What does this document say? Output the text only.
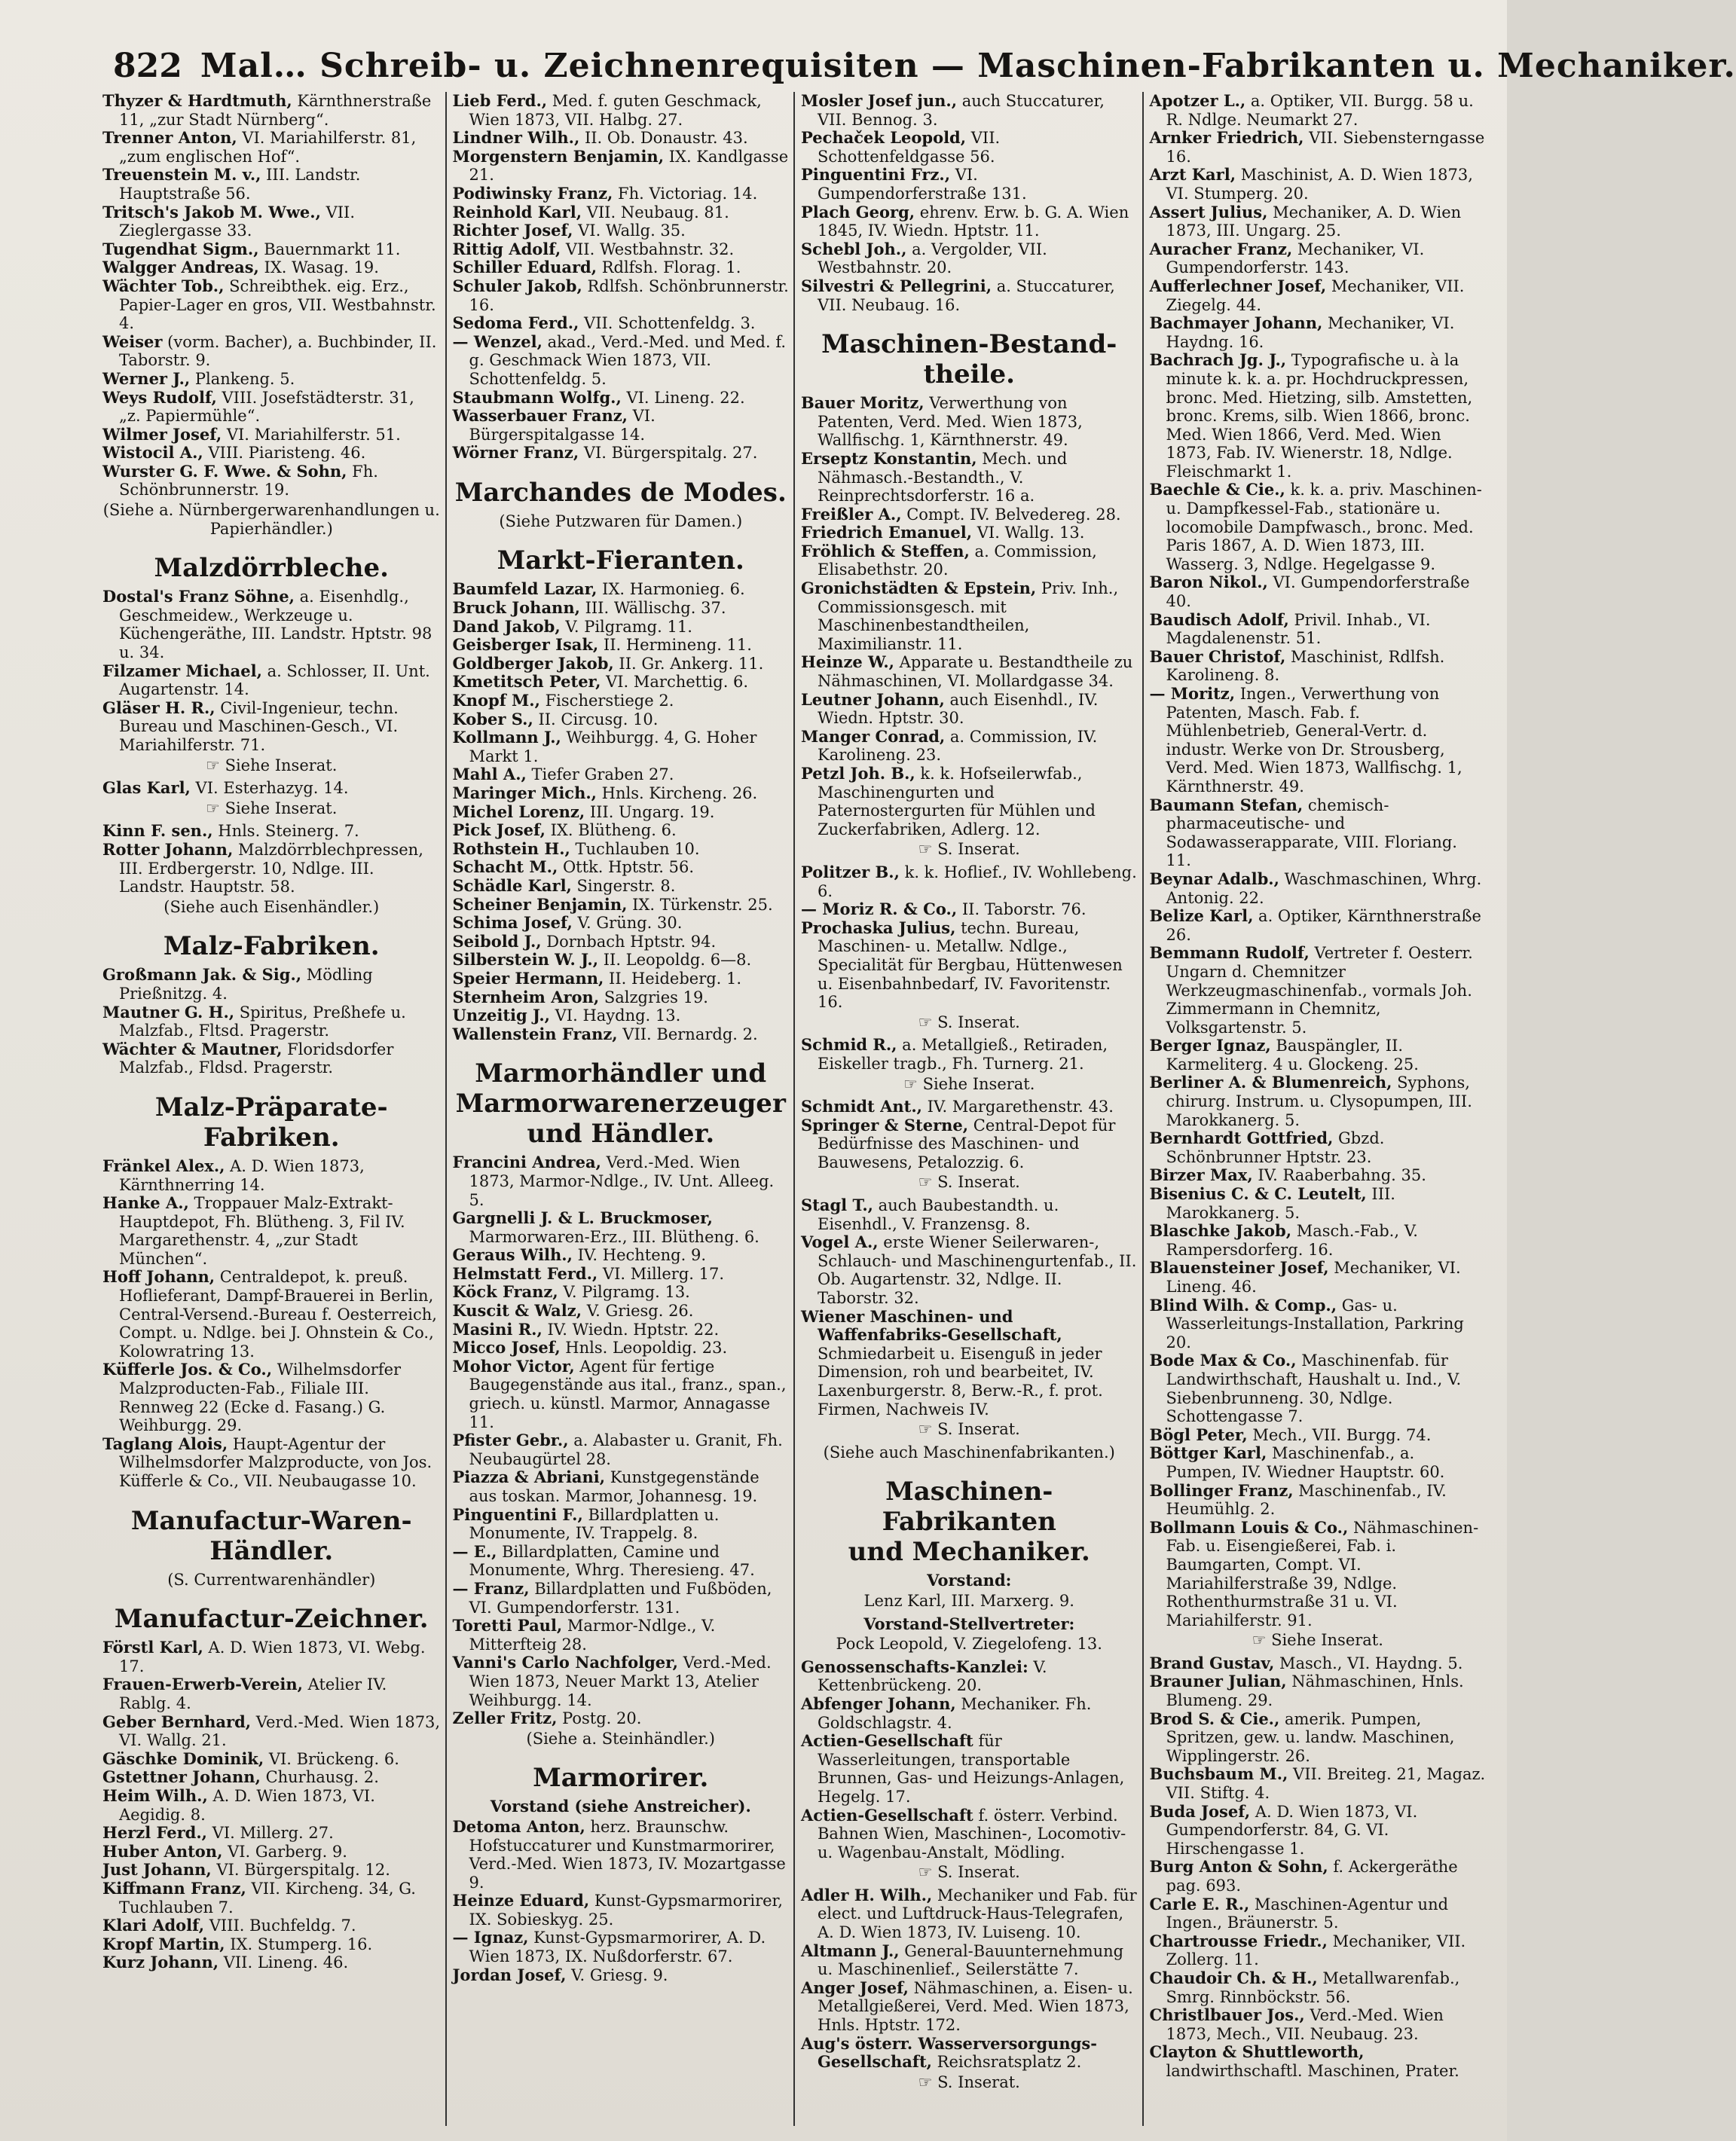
822 Mal… Schreib- u. Zeichnenrequisiten — Maschinen-Fabrikanten u. Mechaniker.

Thyzer & Hardtmuth, Kärnthnerstraße 11, „zur Stadt Nürnberg“.

Trenner Anton, VI. Mariahilferstr. 81, „zum englischen Hof“.

Treuenstein M. v., III. Landstr. Hauptstraße 56.

Tritsch's Jakob M. Wwe., VII. Zieglergasse 33.

Tugendhat Sigm., Bauernmarkt 11.

Walgger Andreas, IX. Wasag. 19.

Wächter Tob., Schreibthek. eig. Erz., Papier-Lager en gros, VII. Westbahnstr. 4.

Weiser (vorm. Bacher), a. Buchbinder, II. Taborstr. 9.

Werner J., Plankeng. 5.

Weys Rudolf, VIII. Josefstädterstr. 31, „z. Papiermühle“.

Wilmer Josef, VI. Mariahilferstr. 51.

Wistocil A., VIII. Piaristeng. 46.

Wurster G. F. Wwe. & Sohn, Fh. Schönbrunnerstr. 19.

(Siehe a. Nürnbergerwarenhandlungen u. Papierhändler.)
Malzdörrbleche.

Dostal's Franz Söhne, a. Eisenhdlg., Geschmeidew., Werkzeuge u. Küchengeräthe, III. Landstr. Hptstr. 98 u. 34.

Filzamer Michael, a. Schlosser, II. Unt. Augartenstr. 14.

Gläser H. R., Civil-Ingenieur, techn. Bureau und Maschinen-Gesch., VI. Mariahilferstr. 71.

☞ Siehe Inserat.

Glas Karl, VI. Esterhazyg. 14.

☞ Siehe Inserat.

Kinn F. sen., Hnls. Steinerg. 7.

Rotter Johann, Malzdörrblechpressen, III. Erdbergerstr. 10, Ndlge. III. Landstr. Hauptstr. 58.

(Siehe auch Eisenhändler.)
Malz-Fabriken.

Großmann Jak. & Sig., Mödling Prießnitzg. 4.

Mautner G. H., Spiritus, Preßhefe u. Malzfab., Fltsd. Pragerstr.

Wächter & Mautner, Floridsdorfer Malzfab., Fldsd. Pragerstr.

Malz-Präparate-
Fabriken.

Fränkel Alex., A. D. Wien 1873, Kärnthnerring 14.

Hanke A., Troppauer Malz-Extrakt-Hauptdepot, Fh. Blütheng. 3, Fil IV. Margarethenstr. 4, „zur Stadt München“.

Hoff Johann, Centraldepot, k. preuß. Hoflieferant, Dampf-Brauerei in Berlin, Central-Versend.-Bureau f. Oesterreich, Compt. u. Ndlge. bei J. Ohnstein & Co., Kolowratring 13.

Küfferle Jos. & Co., Wilhelmsdorfer Malzproducten-Fab., Filiale III. Rennweg 22 (Ecke d. Fasang.) G. Weihburgg. 29.

Taglang Alois, Haupt-Agentur der Wilhelmsdorfer Malzproducte, von Jos. Küfferle & Co., VII. Neubaugasse 10.

Manufactur-Waren-
Händler.
(S. Currentwarenhändler)
Manufactur-Zeichner.

Förstl Karl, A. D. Wien 1873, VI. Webg. 17.

Frauen-Erwerb-Verein, Atelier IV. Rablg. 4.

Geber Bernhard, Verd.-Med. Wien 1873, VI. Wallg. 21.

Gäschke Dominik, VI. Brückeng. 6.

Gstettner Johann, Churhausg. 2.

Heim Wilh., A. D. Wien 1873, VI. Aegidig. 8.

Herzl Ferd., VI. Millerg. 27.

Huber Anton, VI. Garberg. 9.

Just Johann, VI. Bürgerspitalg. 12.

Kiffmann Franz, VII. Kircheng. 34, G. Tuchlauben 7.

Klari Adolf, VIII. Buchfeldg. 7.

Kropf Martin, IX. Stumperg. 16.

Kurz Johann, VII. Lineng. 46.

Lieb Ferd., Med. f. guten Geschmack, Wien 1873, VII. Halbg. 27.

Lindner Wilh., II. Ob. Donaustr. 43.

Morgenstern Benjamin, IX. Kandlgasse 21.

Podiwinsky Franz, Fh. Victoriag. 14.

Reinhold Karl, VII. Neubaug. 81.

Richter Josef, VI. Wallg. 35.

Rittig Adolf, VII. Westbahnstr. 32.

Schiller Eduard, Rdlfsh. Florag. 1.

Schuler Jakob, Rdlfsh. Schönbrunnerstr. 16.

Sedoma Ferd., VII. Schottenfeldg. 3.

— Wenzel, akad., Verd.-Med. und Med. f. g. Geschmack Wien 1873, VII. Schottenfeldg. 5.

Staubmann Wolfg., VI. Lineng. 22.

Wasserbauer Franz, VI. Bürgerspitalgasse 14.

Wörner Franz, VI. Bürgerspitalg. 27.

Marchandes de Modes.
(Siehe Putzwaren für Damen.)
Markt-Fieranten.

Baumfeld Lazar, IX. Harmonieg. 6.

Bruck Johann, III. Wällischg. 37.

Dand Jakob, V. Pilgramg. 11.

Geisberger Isak, II. Hermineng. 11.

Goldberger Jakob, II. Gr. Ankerg. 11.

Kmetitsch Peter, VI. Marchettig. 6.

Knopf M., Fischerstiege 2.

Kober S., II. Circusg. 10.

Kollmann J., Weihburgg. 4, G. Hoher Markt 1.

Mahl A., Tiefer Graben 27.

Maringer Mich., Hnls. Kircheng. 26.

Michel Lorenz, III. Ungarg. 19.

Pick Josef, IX. Blütheng. 6.

Rothstein H., Tuchlauben 10.

Schacht M., Ottk. Hptstr. 56.

Schädle Karl, Singerstr. 8.

Scheiner Benjamin, IX. Türkenstr. 25.

Schima Josef, V. Grüng. 30.

Seibold J., Dornbach Hptstr. 94.

Silberstein W. J., II. Leopoldg. 6—8.

Speier Hermann, II. Heideberg. 1.

Sternheim Aron, Salzgries 19.

Unzeitig J., VI. Haydng. 13.

Wallenstein Franz, VII. Bernardg. 2.

Marmorhändler und
Marmorwarenerzeuger und Händler.

Francini Andrea, Verd.-Med. Wien 1873, Marmor-Ndlge., IV. Unt. Alleeg. 5.

Gargnelli J. & L. Bruckmoser, Marmorwaren-Erz., III. Blütheng. 6.

Geraus Wilh., IV. Hechteng. 9.

Helmstatt Ferd., VI. Millerg. 17.

Köck Franz, V. Pilgramg. 13.

Kuscit & Walz, V. Griesg. 26.

Masini R., IV. Wiedn. Hptstr. 22.

Micco Josef, Hnls. Leopoldig. 23.

Mohor Victor, Agent für fertige Baugegenstände aus ital., franz., span., griech. u. künstl. Marmor, Annagasse 11.

Pfister Gebr., a. Alabaster u. Granit, Fh. Neubaugürtel 28.

Piazza & Abriani, Kunstgegenstände aus toskan. Marmor, Johannesg. 19.

Pinguentini F., Billardplatten u. Monumente, IV. Trappelg. 8.

— E., Billardplatten, Camine und Monumente, Whrg. Theresieng. 47.

— Franz, Billardplatten und Fußböden, VI. Gumpendorferstr. 131.

Toretti Paul, Marmor-Ndlge., V. Mitterfteig 28.

Vanni's Carlo Nachfolger, Verd.-Med. Wien 1873, Neuer Markt 13, Atelier Weihburgg. 14.

Zeller Fritz, Postg. 20.

(Siehe a. Steinhändler.)
Marmorirer.
Vorstand (siehe Anstreicher).

Detoma Anton, herz. Braunschw. Hofstuccaturer und Kunstmarmorirer, Verd.-Med. Wien 1873, IV. Mozartgasse 9.

Heinze Eduard, Kunst-Gypsmarmorirer, IX. Sobieskyg. 25.

— Ignaz, Kunst-Gypsmarmorirer, A. D. Wien 1873, IX. Nußdorferstr. 67.

Jordan Josef, V. Griesg. 9.

Mosler Josef jun., auch Stuccaturer, VII. Bennog. 3.

Pechaček Leopold, VII. Schottenfeldgasse 56.

Pinguentini Frz., VI. Gumpendorferstraße 131.

Plach Georg, ehrenv. Erw. b. G. A. Wien 1845, IV. Wiedn. Hptstr. 11.

Schebl Joh., a. Vergolder, VII. Westbahnstr. 20.

Silvestri & Pellegrini, a. Stuccaturer, VII. Neubaug. 16.

Maschinen-Bestand-
theile.

Bauer Moritz, Verwerthung von Patenten, Verd. Med. Wien 1873, Wallfischg. 1, Kärnthnerstr. 49.

Erseptz Konstantin, Mech. und Nähmasch.-Bestandth., V. Reinprechtsdorferstr. 16 a.

Freißler A., Compt. IV. Belvedereg. 28.

Friedrich Emanuel, VI. Wallg. 13.

Fröhlich & Steffen, a. Commission, Elisabethstr. 20.

Gronichstädten & Epstein, Priv. Inh., Commissionsgesch. mit Maschinenbestandtheilen, Maximilianstr. 11.

Heinze W., Apparate u. Bestandtheile zu Nähmaschinen, VI. Mollardgasse 34.

Leutner Johann, auch Eisenhdl., IV. Wiedn. Hptstr. 30.

Manger Conrad, a. Commission, IV. Karolineng. 23.

Petzl Joh. B., k. k. Hofseilerwfab., Maschinengurten und Paternostergurten für Mühlen und Zuckerfabriken, Adlerg. 12.

☞ S. Inserat.

Politzer B., k. k. Hoflief., IV. Wohllebeng. 6.

— Moriz R. & Co., II. Taborstr. 76.

Prochaska Julius, techn. Bureau, Maschinen- u. Metallw. Ndlge., Specialität für Bergbau, Hüttenwesen u. Eisenbahnbedarf, IV. Favoritenstr. 16.

☞ S. Inserat.

Schmid R., a. Metallgieß., Retiraden, Eiskeller tragb., Fh. Turnerg. 21.

☞ Siehe Inserat.

Schmidt Ant., IV. Margarethenstr. 43.

Springer & Sterne, Central-Depot für Bedürfnisse des Maschinen- und Bauwesens, Petalozzig. 6.

☞ S. Inserat.

Stagl T., auch Baubestandth. u. Eisenhdl., V. Franzensg. 8.

Vogel A., erste Wiener Seilerwaren-, Schlauch- und Maschinengurtenfab., II. Ob. Augartenstr. 32, Ndlge. II. Taborstr. 32.

Wiener Maschinen- und Waffenfabriks-Gesellschaft, Schmiedarbeit u. Eisenguß in jeder Dimension, roh und bearbeitet, IV. Laxenburgerstr. 8, Berw.-R., f. prot. Firmen, Nachweis IV.

☞ S. Inserat.
(Siehe auch Maschinenfabrikanten.)
Maschinen-Fabrikanten
und Mechaniker.
Vorstand:
Lenz Karl, III. Marxerg. 9.
Vorstand-Stellvertreter:
Pock Leopold, V. Ziegelofeng. 13.

Genossenschafts-Kanzlei: V. Kettenbrückeng. 20.

Abfenger Johann, Mechaniker. Fh. Goldschlagstr. 4.

Actien-Gesellschaft für Wasserleitungen, transportable Brunnen, Gas- und Heizungs-Anlagen, Hegelg. 17.

Actien-Gesellschaft f. österr. Verbind. Bahnen Wien, Maschinen-, Locomotiv- u. Wagenbau-Anstalt, Mödling.

☞ S. Inserat.

Adler H. Wilh., Mechaniker und Fab. für elect. und Luftdruck-Haus-Telegrafen, A. D. Wien 1873, IV. Luiseng. 10.

Altmann J., General-Bauunternehmung u. Maschinenlief., Seilerstätte 7.

Anger Josef, Nähmaschinen, a. Eisen- u. Metallgießerei, Verd. Med. Wien 1873, Hnls. Hptstr. 172.

Aug's österr. Wasserversorgungs-Gesellschaft, Reichsratsplatz 2.

☞ S. Inserat.

Apotzer L., a. Optiker, VII. Burgg. 58 u. R. Ndlge. Neumarkt 27.

Arnker Friedrich, VII. Siebensterngasse 16.

Arzt Karl, Maschinist, A. D. Wien 1873, VI. Stumperg. 20.

Assert Julius, Mechaniker, A. D. Wien 1873, III. Ungarg. 25.

Auracher Franz, Mechaniker, VI. Gumpendorferstr. 143.

Aufferlechner Josef, Mechaniker, VII. Ziegelg. 44.

Bachmayer Johann, Mechaniker, VI. Haydng. 16.

Bachrach Jg. J., Typografische u. à la minute k. k. a. pr. Hochdruckpressen, bronc. Med. Hietzing, silb. Amstetten, bronc. Krems, silb. Wien 1866, bronc. Med. Wien 1866, Verd. Med. Wien 1873, Fab. IV. Wienerstr. 18, Ndlge. Fleischmarkt 1.

Baechle & Cie., k. k. a. priv. Maschinen- u. Dampfkessel-Fab., stationäre u. locomobile Dampfwasch., bronc. Med. Paris 1867, A. D. Wien 1873, III. Wasserg. 3, Ndlge. Hegelgasse 9.

Baron Nikol., VI. Gumpendorferstraße 40.

Baudisch Adolf, Privil. Inhab., VI. Magdalenenstr. 51.

Bauer Christof, Maschinist, Rdlfsh. Karolineng. 8.

— Moritz, Ingen., Verwerthung von Patenten, Masch. Fab. f. Mühlenbetrieb, General-Vertr. d. industr. Werke von Dr. Strousberg, Verd. Med. Wien 1873, Wallfischg. 1, Kärnthnerstr. 49.

Baumann Stefan, chemisch-pharmaceutische- und Sodawasserapparate, VIII. Floriang. 11.

Beynar Adalb., Waschmaschinen, Whrg. Antonig. 22.

Belize Karl, a. Optiker, Kärnthnerstraße 26.

Bemmann Rudolf, Vertreter f. Oesterr. Ungarn d. Chemnitzer Werkzeugmaschinenfab., vormals Joh. Zimmermann in Chemnitz, Volksgartenstr. 5.

Berger Ignaz, Bauspängler, II. Karmeliterg. 4 u. Glockeng. 25.

Berliner A. & Blumenreich, Syphons, chirurg. Instrum. u. Clysopumpen, III. Marokkanerg. 5.

Bernhardt Gottfried, Gbzd. Schönbrunner Hptstr. 23.

Birzer Max, IV. Raaberbahng. 35.

Bisenius C. & C. Leutelt, III. Marokkanerg. 5.

Blaschke Jakob, Masch.-Fab., V. Rampersdorferg. 16.

Blauensteiner Josef, Mechaniker, VI. Lineng. 46.

Blind Wilh. & Comp., Gas- u. Wasserleitungs-Installation, Parkring 20.

Bode Max & Co., Maschinenfab. für Landwirthschaft, Haushalt u. Ind., V. Siebenbrunneng. 30, Ndlge. Schottengasse 7.

Bögl Peter, Mech., VII. Burgg. 74.

Böttger Karl, Maschinenfab., a. Pumpen, IV. Wiedner Hauptstr. 60.

Bollinger Franz, Maschinenfab., IV. Heumühlg. 2.

Bollmann Louis & Co., Nähmaschinen-Fab. u. Eisengießerei, Fab. i. Baumgarten, Compt. VI. Mariahilferstraße 39, Ndlge. Rothenthurmstraße 31 u. VI. Mariahilferstr. 91.

☞ Siehe Inserat.

Brand Gustav, Masch., VI. Haydng. 5.

Brauner Julian, Nähmaschinen, Hnls. Blumeng. 29.

Brod S. & Cie., amerik. Pumpen, Spritzen, gew. u. landw. Maschinen, Wipplingerstr. 26.

Buchsbaum M., VII. Breiteg. 21, Magaz. VII. Stiftg. 4.

Buda Josef, A. D. Wien 1873, VI. Gumpendorferstr. 84, G. VI. Hirschengasse 1.

Burg Anton & Sohn, f. Ackergeräthe pag. 693.

Carle E. R., Maschinen-Agentur und Ingen., Bräunerstr. 5.

Chartrousse Friedr., Mechaniker, VII. Zollerg. 11.

Chaudoir Ch. & H., Metallwarenfab., Smrg. Rinnböckstr. 56.

Christlbauer Jos., Verd.-Med. Wien 1873, Mech., VII. Neubaug. 23.

Clayton & Shuttleworth, landwirthschaftl. Maschinen, Prater.
